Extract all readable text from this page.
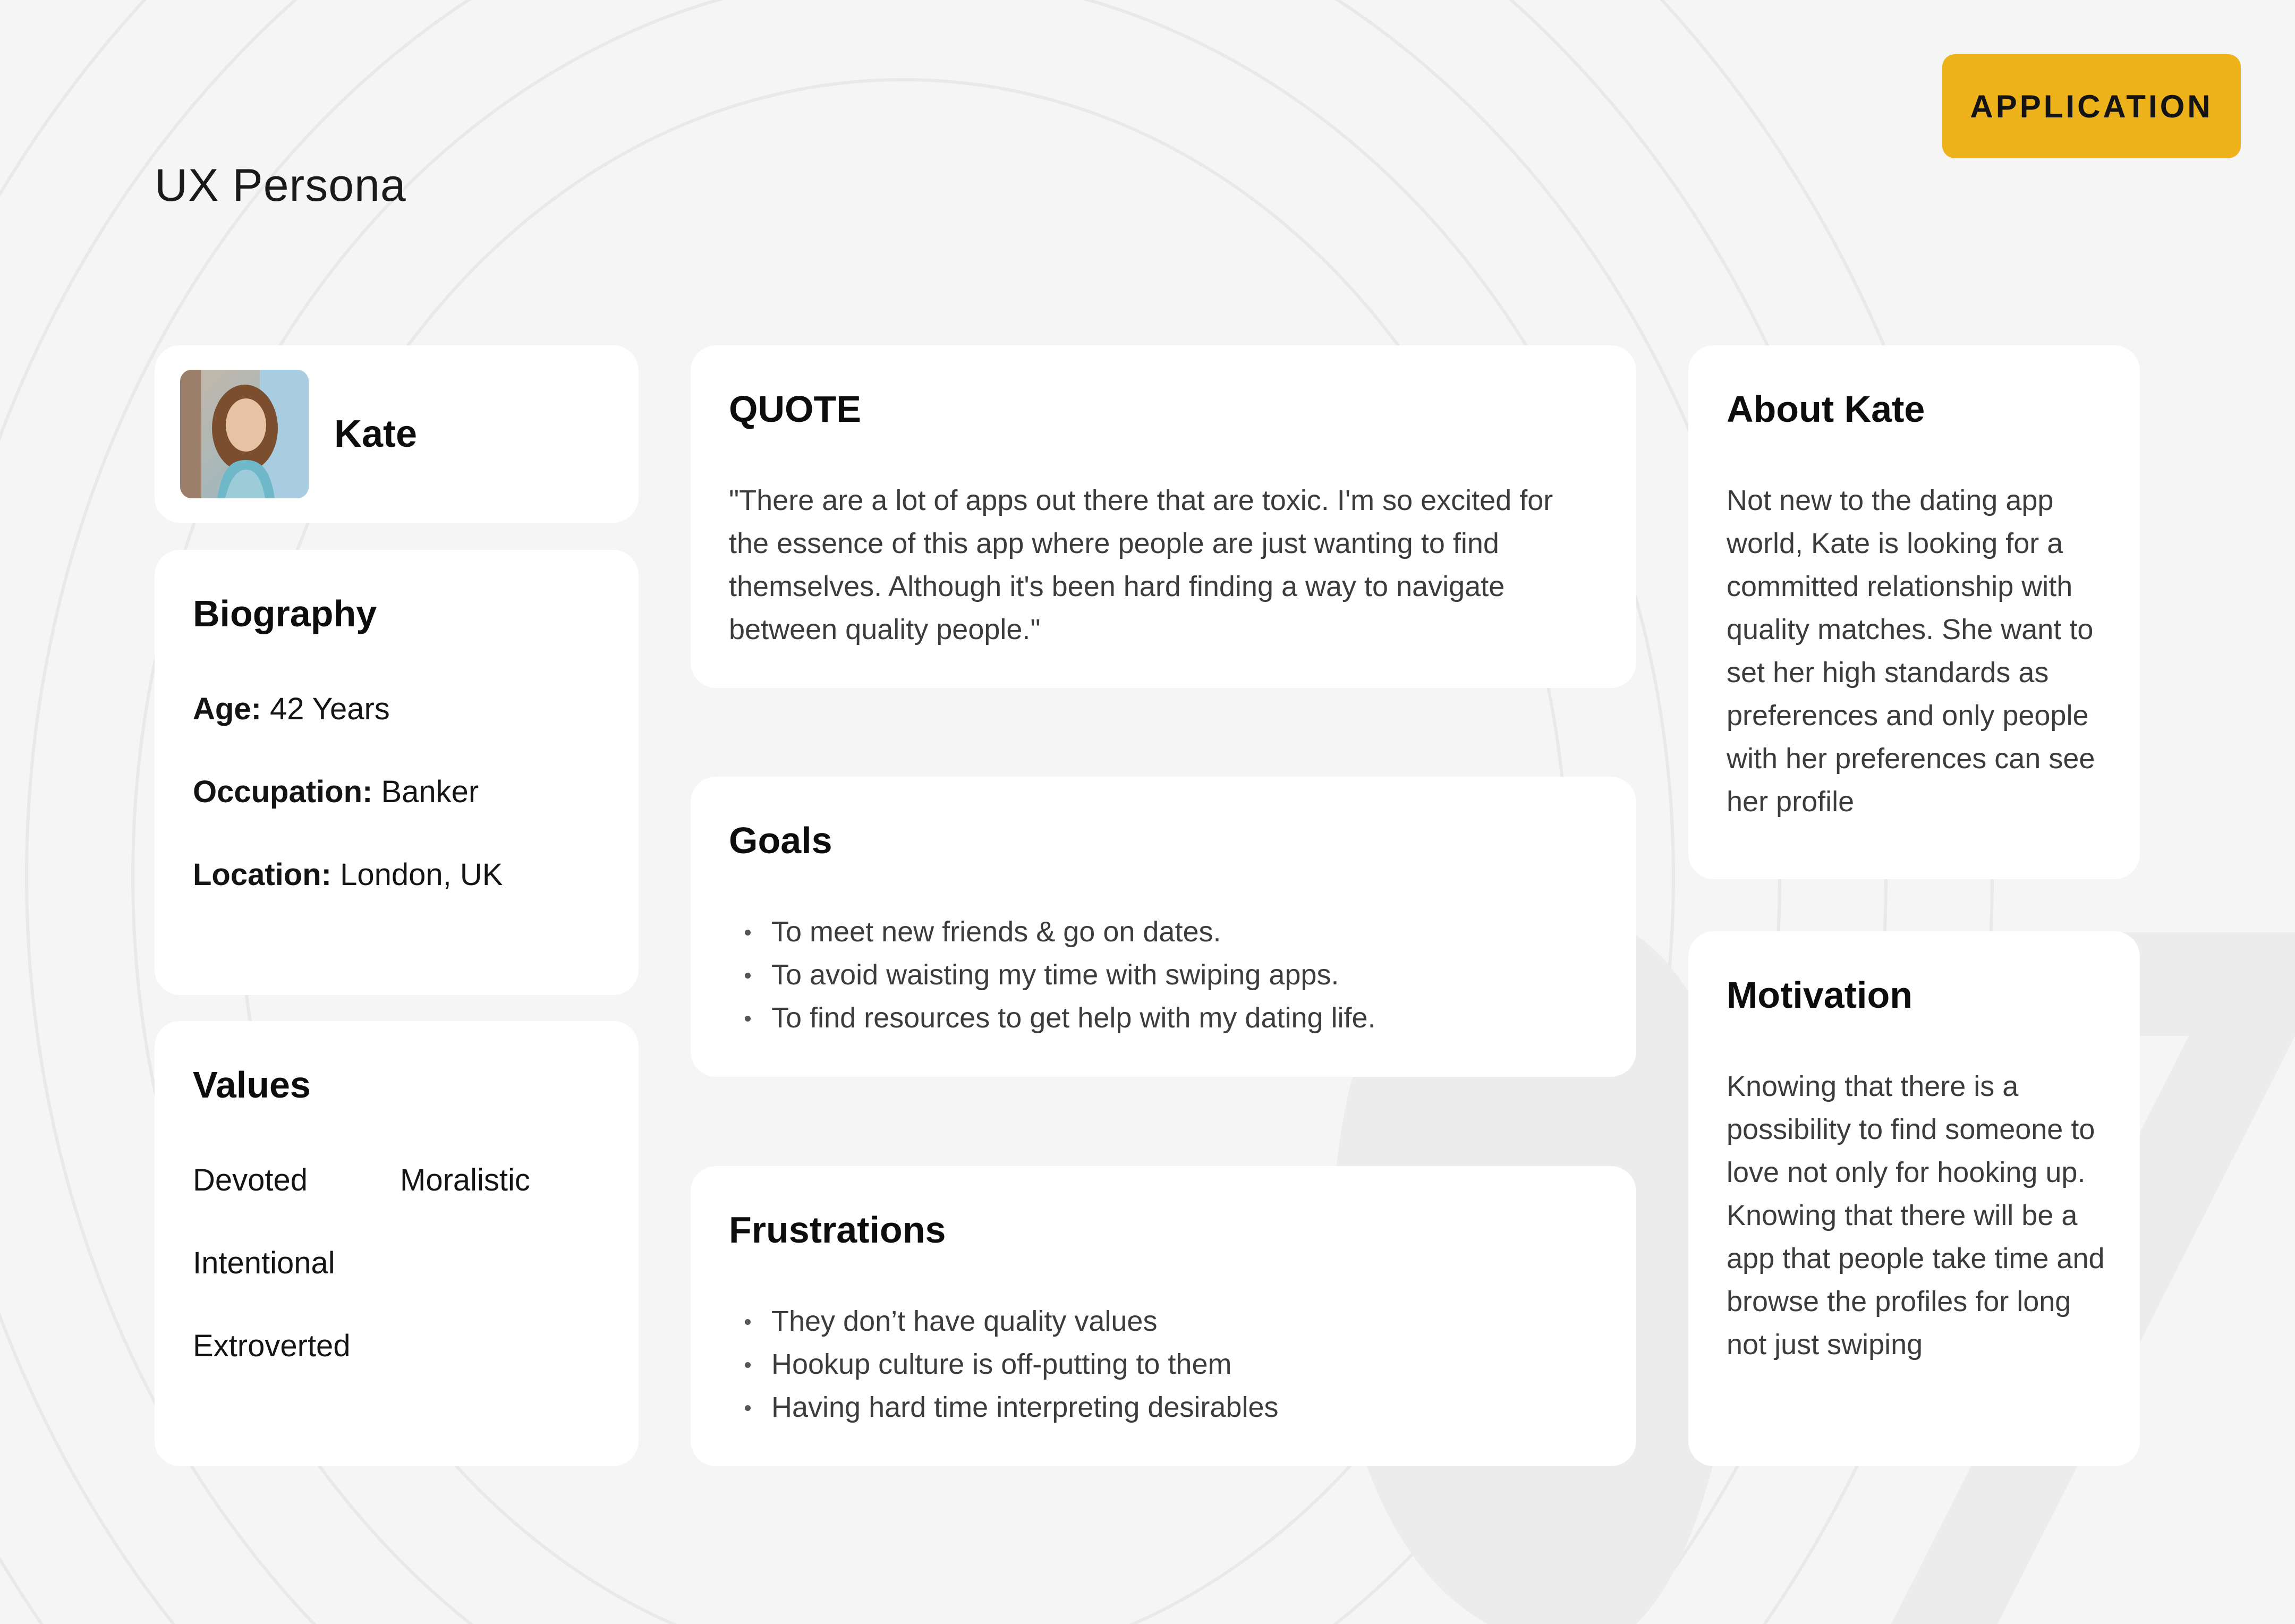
UX Persona
APPLICATION
Kate
Biography
Age: 42 Years
Occupation: Banker
Location: London, UK
Values
Devoted	Moralistic
Intentional
Extroverted
QUOTE

"There are a lot of apps out there that are toxic. I'm so excited for the essence of this app where people are just wanting to find themselves. Although it's been hard finding a way to navigate between quality people."

Goals
To meet new friends & go on dates.
To avoid waisting my time with swiping apps.
To find resources to get help with my dating life.
Frustrations
They don’t have quality values
Hookup culture is off-putting to them
Having hard time interpreting desirables
About Kate

Not new to the dating app world, Kate is looking for a committed relationship with quality matches. She want to set her high standards as preferences and only people with her preferences can see her profile

Motivation

Knowing that there is a possibility to find someone to love not only for hooking up. Knowing that there will be a app that people take time and browse the profiles for long not just swiping
